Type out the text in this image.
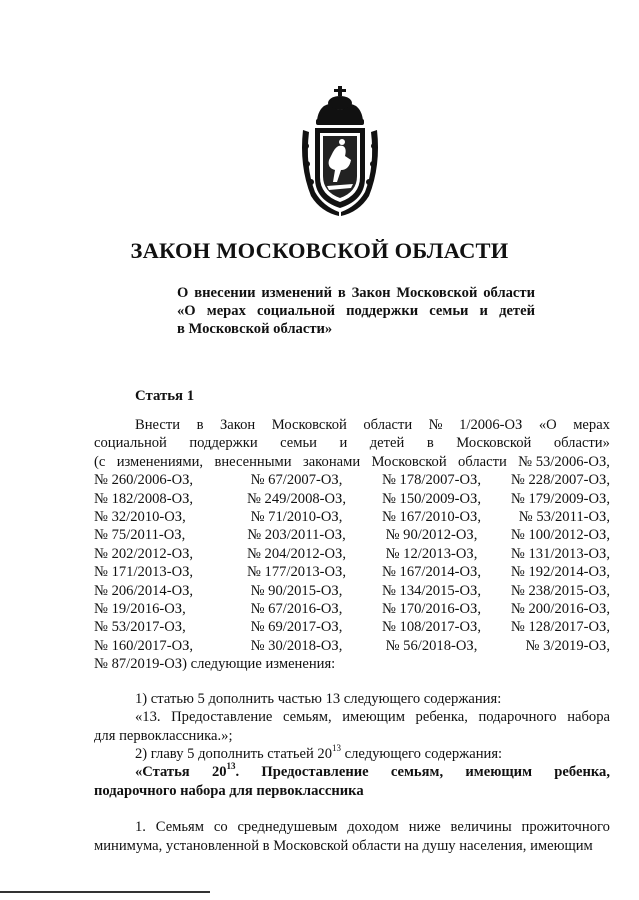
ЗАКОН МОСКОВСКОЙ ОБЛАСТИ
О внесении изменений в Закон Московской области
«О мерах социальной поддержки семьи и детей
в Московской области»
Статья 1
Внести в Закон Московской области № 1/2006-ОЗ «О мерах
социальной поддержки семьи и детей в Московской области»
(с изменениями, внесенными законами Московской области № 53/2006-ОЗ,
№ 260/2006-ОЗ,	№ 67/2007-ОЗ,	№ 178/2007-ОЗ,	№ 228/2007-ОЗ,
№ 182/2008-ОЗ,	№ 249/2008-ОЗ,	№ 150/2009-ОЗ,	№ 179/2009-ОЗ,
№ 32/2010-ОЗ,	№ 71/2010-ОЗ,	№ 167/2010-ОЗ,	№ 53/2011-ОЗ,
№ 75/2011-ОЗ,	№ 203/2011-ОЗ,	№ 90/2012-ОЗ,	№ 100/2012-ОЗ,
№ 202/2012-ОЗ,	№ 204/2012-ОЗ,	№ 12/2013-ОЗ,	№ 131/2013-ОЗ,
№ 171/2013-ОЗ,	№ 177/2013-ОЗ,	№ 167/2014-ОЗ,	№ 192/2014-ОЗ,
№ 206/2014-ОЗ,	№ 90/2015-ОЗ,	№ 134/2015-ОЗ,	№ 238/2015-ОЗ,
№ 19/2016-ОЗ,	№ 67/2016-ОЗ,	№ 170/2016-ОЗ,	№ 200/2016-ОЗ,
№ 53/2017-ОЗ,	№ 69/2017-ОЗ,	№ 108/2017-ОЗ,	№ 128/2017-ОЗ,
№ 160/2017-ОЗ,	№ 30/2018-ОЗ,	№ 56/2018-ОЗ,	№ 3/2019-ОЗ,
№ 87/2019-ОЗ) следующие изменения:
1) статью 5 дополнить частью 13 следующего содержания:
«13. Предоставление семьям, имеющим ребенка, подарочного набора
для первоклассника.»;
2) главу 5 дополнить статьей $20^{13}$ следующего содержания:
«Статья $20^{13}$. Предоставление семьям, имеющим ребенка,
подарочного набора для первоклассника
1. Семьям со среднедушевым доходом ниже величины прожиточного
минимума, установленной в Московской области на душу населения, имеющим
